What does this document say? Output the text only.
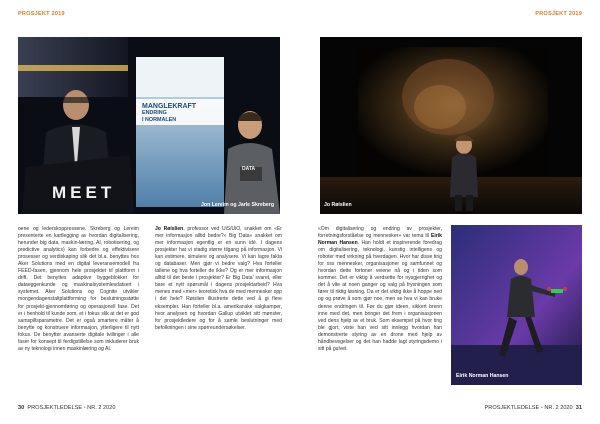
PROSJEKT 2019	PROSJEKT 2019
MEET
MANGLEKRAFT
ENDRING
I NORMALEN
DATA
Jon Lereim og Jarle Skreberg	Jo Røislien
Eirik Norman Hansen

oene og lederskoppressene. Skreberg og Lereim presenterte en kartlegging av hvordan digitalisering, herunder big data, maskin-læring, AI, robotisering, og predictive analytics) kan forbedre og effektivisere prosesser og verdiskaping slik det bl.a. benyttes hos Aker Solutions med en digital leveransemodell fra FEED-fasen, gjennom hele prosjektet til plattform i drift. Det benyttes adaptive byggeblokker for dataeggenkunde og maskinalsystemlesdatsert i systemet. Aker Solutions og Cognite utvikler mongendagenstaltplattforming for beslutningsstøtte for prosjekt-gjennomføring og operasjonell fase. Det er i henhold til kunde som, et i fokus slik at det er god samspillsparametre. Det er også smartere måter å benytte og konstruere informasjon, ytterligere til nytt fokus. De benytter avanserte digitale tvillinger i alle faser for konsept til ferdigstillelse som inkluderer bruk av ny teknologi innen maskinlæring og AI.

Jo Røislien, professor ved UiS/UiO, snakket om «Er mer informasjon alltid bedre?» Big Data» snakket om mer informasjon egentlig er en sunn idé. I dagens prosjekter har vi stadig større tilgang på informasjon. Vi kan estimere, simulere og analysere. Vi kan lagre fakta og databaser. Men gjør vi bedre valg? Hva forteller tallene og hva forteller de ikke? Og er mer informasjon alltid til det beste i prosjekter? Er Big Data' svaret, eller bare et nytt spørsmål i dagens prosjektarbeid? Hva menes med «mer» teoretisk hva de med mennesker opp i det hele? Røislien illustrerte dette ved å gi flere eksempler. Han forteller bl.a. amerikanske valgkamper, hvor analysen og hvordan Gallup utviklet sitt mønster, for prosjektledere og for å samle beslutninger med befolkningen i sine spørreundersøkelser.

«Om digitalisering og endring av prosjekter, forretningsforståelse og mennesker» var tema til Eirik Norman Hansen. Han holdt et inspirerende foredrag om digitalisering, teknologi, kunstig intelligens og roboter med virkning på hverdagen. Hvor har disse ting for oss mennesker, organisasjoner og samfunnet og hvordan dette fortoner veiene nå og i tiden som kommer. Det er viktig å verdsette for nysgjerrighet og det å vite at noen ganger og valg på frysningen som fører til riktig løsning. Da er det viktig ikke å hoppe ned og og prøve å som gjør noe, men se hva vi kan bruke denne endringen til. Før du gjør ideen, sikkert brenn inne med det, men bringer det frem i organisasjonen ved dens hjelp av et bruk. Som eksempel på hvor ting ble gjort, viste han ved sitt innlegg hvordan han demonstrerte styring av en drone med hjelp av håndbevegelser og det han hadde lagt styringsdemo i sitt på gulvet.

30 PROSJEKTLEDELSE • NR. 2 2020	PROSJEKTLEDELSE • NR. 2 2020 31
